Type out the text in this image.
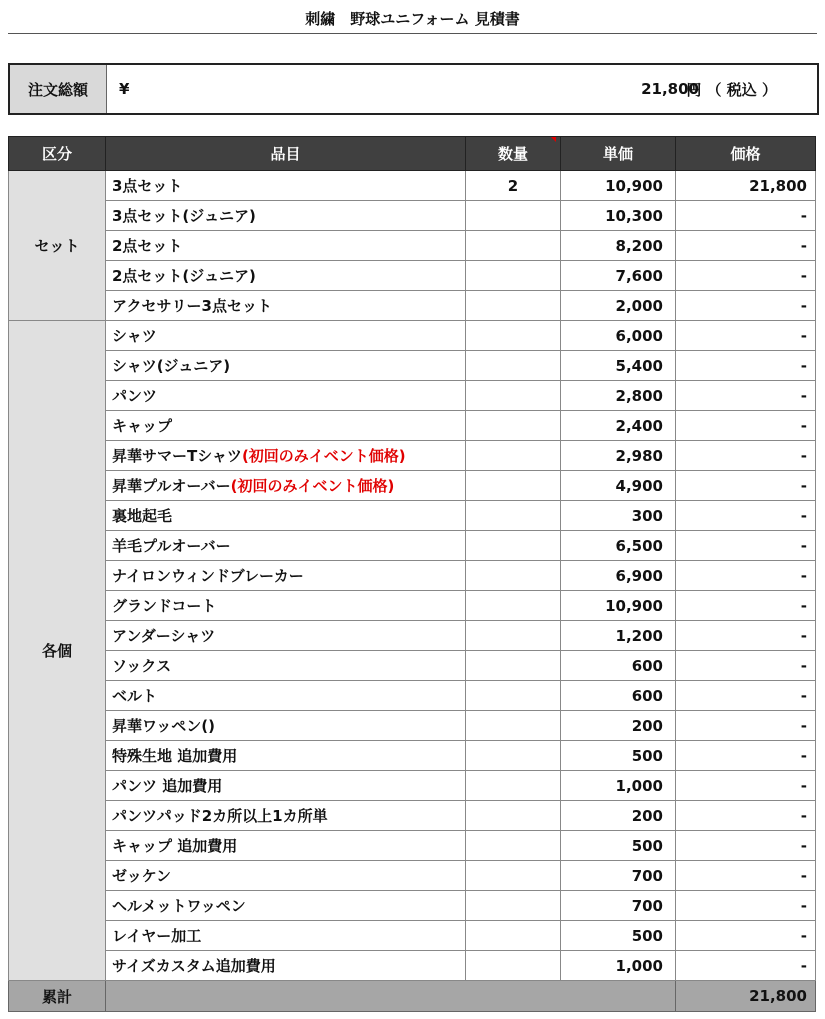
刺繍　野球ユニフォーム 見積書
注文総額	¥	21,800
円 （ 税込 ）
区分	品目	数量	単価	価格
セット	3点セット	2	10,900	21,800
	3点セット(ジュニア)		10,300	-
	2点セット		8,200	-
	2点セット(ジュニア)		7,600	-
	アクセサリー3点セット		2,000	-
各個	シャツ		6,000	-
	シャツ(ジュニア)		5,400	-
	パンツ		2,800	-
	キャップ		2,400	-
	昇華サマーTシャツ(初回のみイベント価格)		2,980	-
	昇華プルオーバー(初回のみイベント価格)		4,900	-
	裏地起毛		300	-
	羊毛プルオーバー		6,500	-
	ナイロンウィンドブレーカー		6,900	-
	グランドコート		10,900	-
	アンダーシャツ		1,200	-
	ソックス		600	-
	ベルト		600	-
	昇華ワッペン()		200	-
	特殊生地 追加費用		500	-
	パンツ 追加費用		1,000	-
	パンツパッド2カ所以上1カ所単		200	-
	キャップ 追加費用		500	-
	ゼッケン		700	-
	ヘルメットワッペン		700	-
	レイヤー加工		500	-
	サイズカスタム追加費用		1,000	-
累計				21,800
